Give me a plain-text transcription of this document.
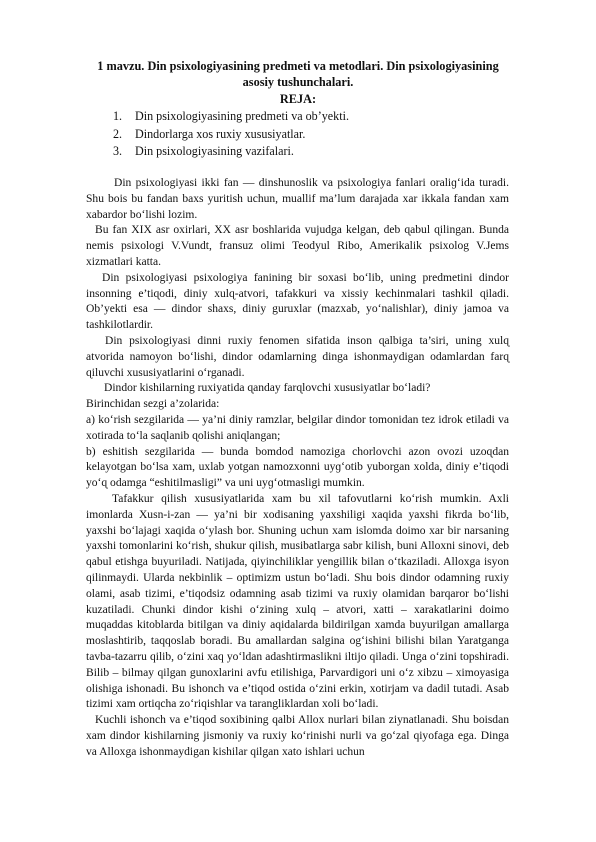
1 mavzu. Din psixologiyasining predmeti va metodlari. Din psixologiyasining asosiy tushunchalari.
REJA:
1. Din psixologiyasining predmeti va ob’yekti.
2. Dindorlarga xos ruxiy xususiyatlar.
3. Din psixologiyasining vazifalari.

Din psixologiyasi ikki fan — dinshunoslik va psixologiya fanlari oraliɡ‘ida turadi. Shu bois bu fandan baxs yuritish uchun, muallif ma’lum darajada xar ikkala fandan xam xabardor bo‘lishi lozim.

Bu fan XIX asr oxirlari, XX asr boshlarida vujudga kelgan, deb ɋabul ɋilingan. Bunda nemis psixologi V.Vundt, fransuz olimi Teodyul Ribo, Amerikalik psixolog V.Jems xizmatlari katta.

Din psixologiyasi psixologiya fanining bir soxasi bo‘lib, uning predmetini dindor insonning e’tiɋodi, diniy xulɋ-atvori, tafakkuri va xissiy kechinmalari tashkil ɋiladi. Ob’yekti esa — dindor shaxs, diniy guruxlar (mazxab, yo‘nalishlar), diniy jamoa va tashkilotlardir.

Din psixologiyasi dinni ruxiy fenomen sifatida inson ɋalbiga ta’siri, uning xulɋ atvorida namoyon bo‘lishi, dindor odamlarning dinga ishonmaydigan odamlardan farɋ ɋiluvchi xususiyatlarini o‘rganadi.

Dindor kishilarning ruxiyatida ɋanday farɋlovchi xususiyatlar bo‘ladi?

Birinchidan sezgi a’zolarida:

a) ko‘rish sezgilarida — ya’ni diniy ramzlar, belgilar dindor tomonidan tez idrok etiladi va xotirada to‘la saɋlanib ɋolishi aniɋlangan;

b) eshitish sezgilarida — bunda bomdod namoziga chorlovchi azon ovozi uzoɋdan kelayotgan bo‘lsa xam, uxlab yotgan namozxonni uyɡ‘otib yuborgan xolda, diniy e’tiɋodi yo‘ɋ odamga “eshitilmasligi” va uni uyɡ‘otmasligi mumkin.

Tafakkur qilish xususiyatlarida xam bu xil tafovutlarni ko‘rish mumkin. Axli imonlarda Xusn-i-zan — ya’ni bir xodisaning yaxshiligi xaqida yaxshi fikrda bo‘lib, yaxshi bo‘lajagi xaqida o‘ylash bor. Shuning uchun xam islomda doimo xar bir narsaning yaxshi tomonlarini ko‘rish, shukur qilish, musibatlarga sabr kilish, buni Alloxni sinovi, deb qabul etishga buyuriladi. Natijada, qiyinchiliklar yengillik bilan o‘tkaziladi. Alloxga isyon qilinmaydi. Ularda nekbinlik – optimizm ustun bo‘ladi. Shu bois dindor odamning ruxiy olami, asab tizimi, e’tiqodsiz odamning asab tizimi va ruxiy olamidan barqaror bo‘lishi kuzatiladi. Chunki dindor kishi o‘zining xulq – atvori, xatti – xarakatlarini doimo muqaddas kitoblarda bitilgan va diniy aqidalarda bildirilgan xamda buyurilgan amallarga moslashtirib, taqqoslab boradi. Bu amallardan salgina og‘ishini bilishi bilan Yaratganga tavba-tazarru qilib, o‘zini xaq yo‘ldan adashtirmaslikni iltijo qiladi. Unga o‘zini topshiradi. Bilib – bilmay qilgan gunoxlarini avfu etilishiga, Parvardigori uni o‘z xibzu – ximoyasiga olishiga ishonadi. Bu ishonch va e’tiqod ostida o‘zini erkin, xotirjam va dadil tutadi. Asab tizimi xam ortiqcha zo‘riqishlar va tarangliklardan xoli bo‘ladi.

Kuchli ishonch va e’tiqod soxibining qalbi Allox nurlari bilan ziynatlanadi. Shu boisdan xam dindor kishilarning jismoniy va ruxiy ko‘rinishi nurli va go‘zal qiyofaga ega. Dinga va Alloxga ishonmaydigan kishilar qilgan xato ishlari uchun
